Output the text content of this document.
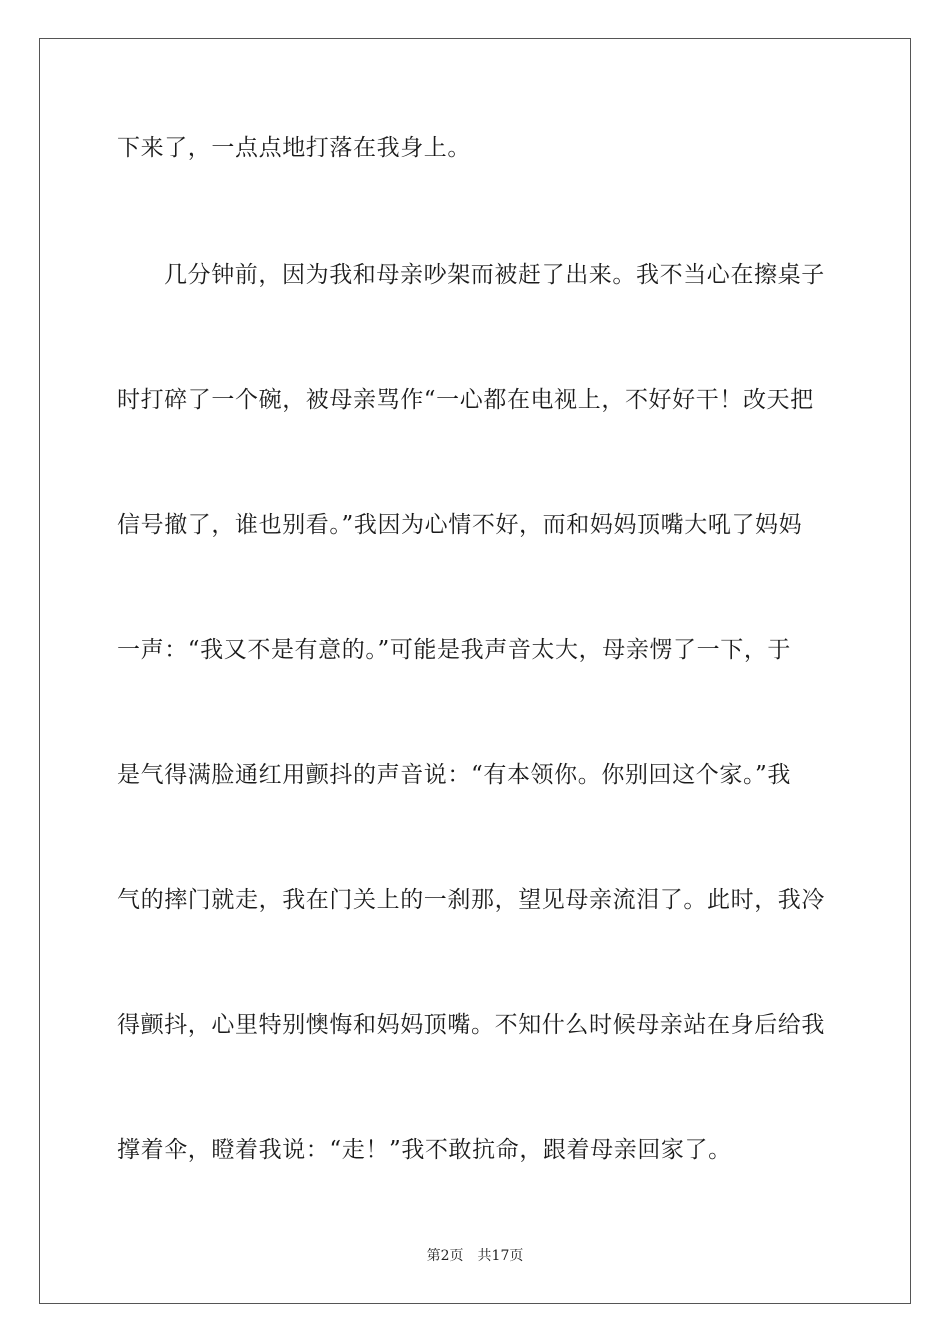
下来了，一点点地打落在我身上。
几分钟前，因为我和母亲吵架而被赶了出来。我不当心在擦桌子
时打碎了一个碗，被母亲骂作“一心都在电视上，不好好干！改天把
信号撤了，谁也别看。”我因为心情不好，而和妈妈顶嘴大吼了妈妈
一声：“我又不是有意的。”可能是我声音太大，母亲愣了一下，于
是气得满脸通红用颤抖的声音说：“有本领你。你别回这个家。”我
气的摔门就走，我在门关上的一刹那，望见母亲流泪了。此时，我冷
得颤抖，心里特别懊悔和妈妈顶嘴。不知什么时候母亲站在身后给我
撑着伞，瞪着我说：“走！”我不敢抗命，跟着母亲回家了。
第2页 共17页
